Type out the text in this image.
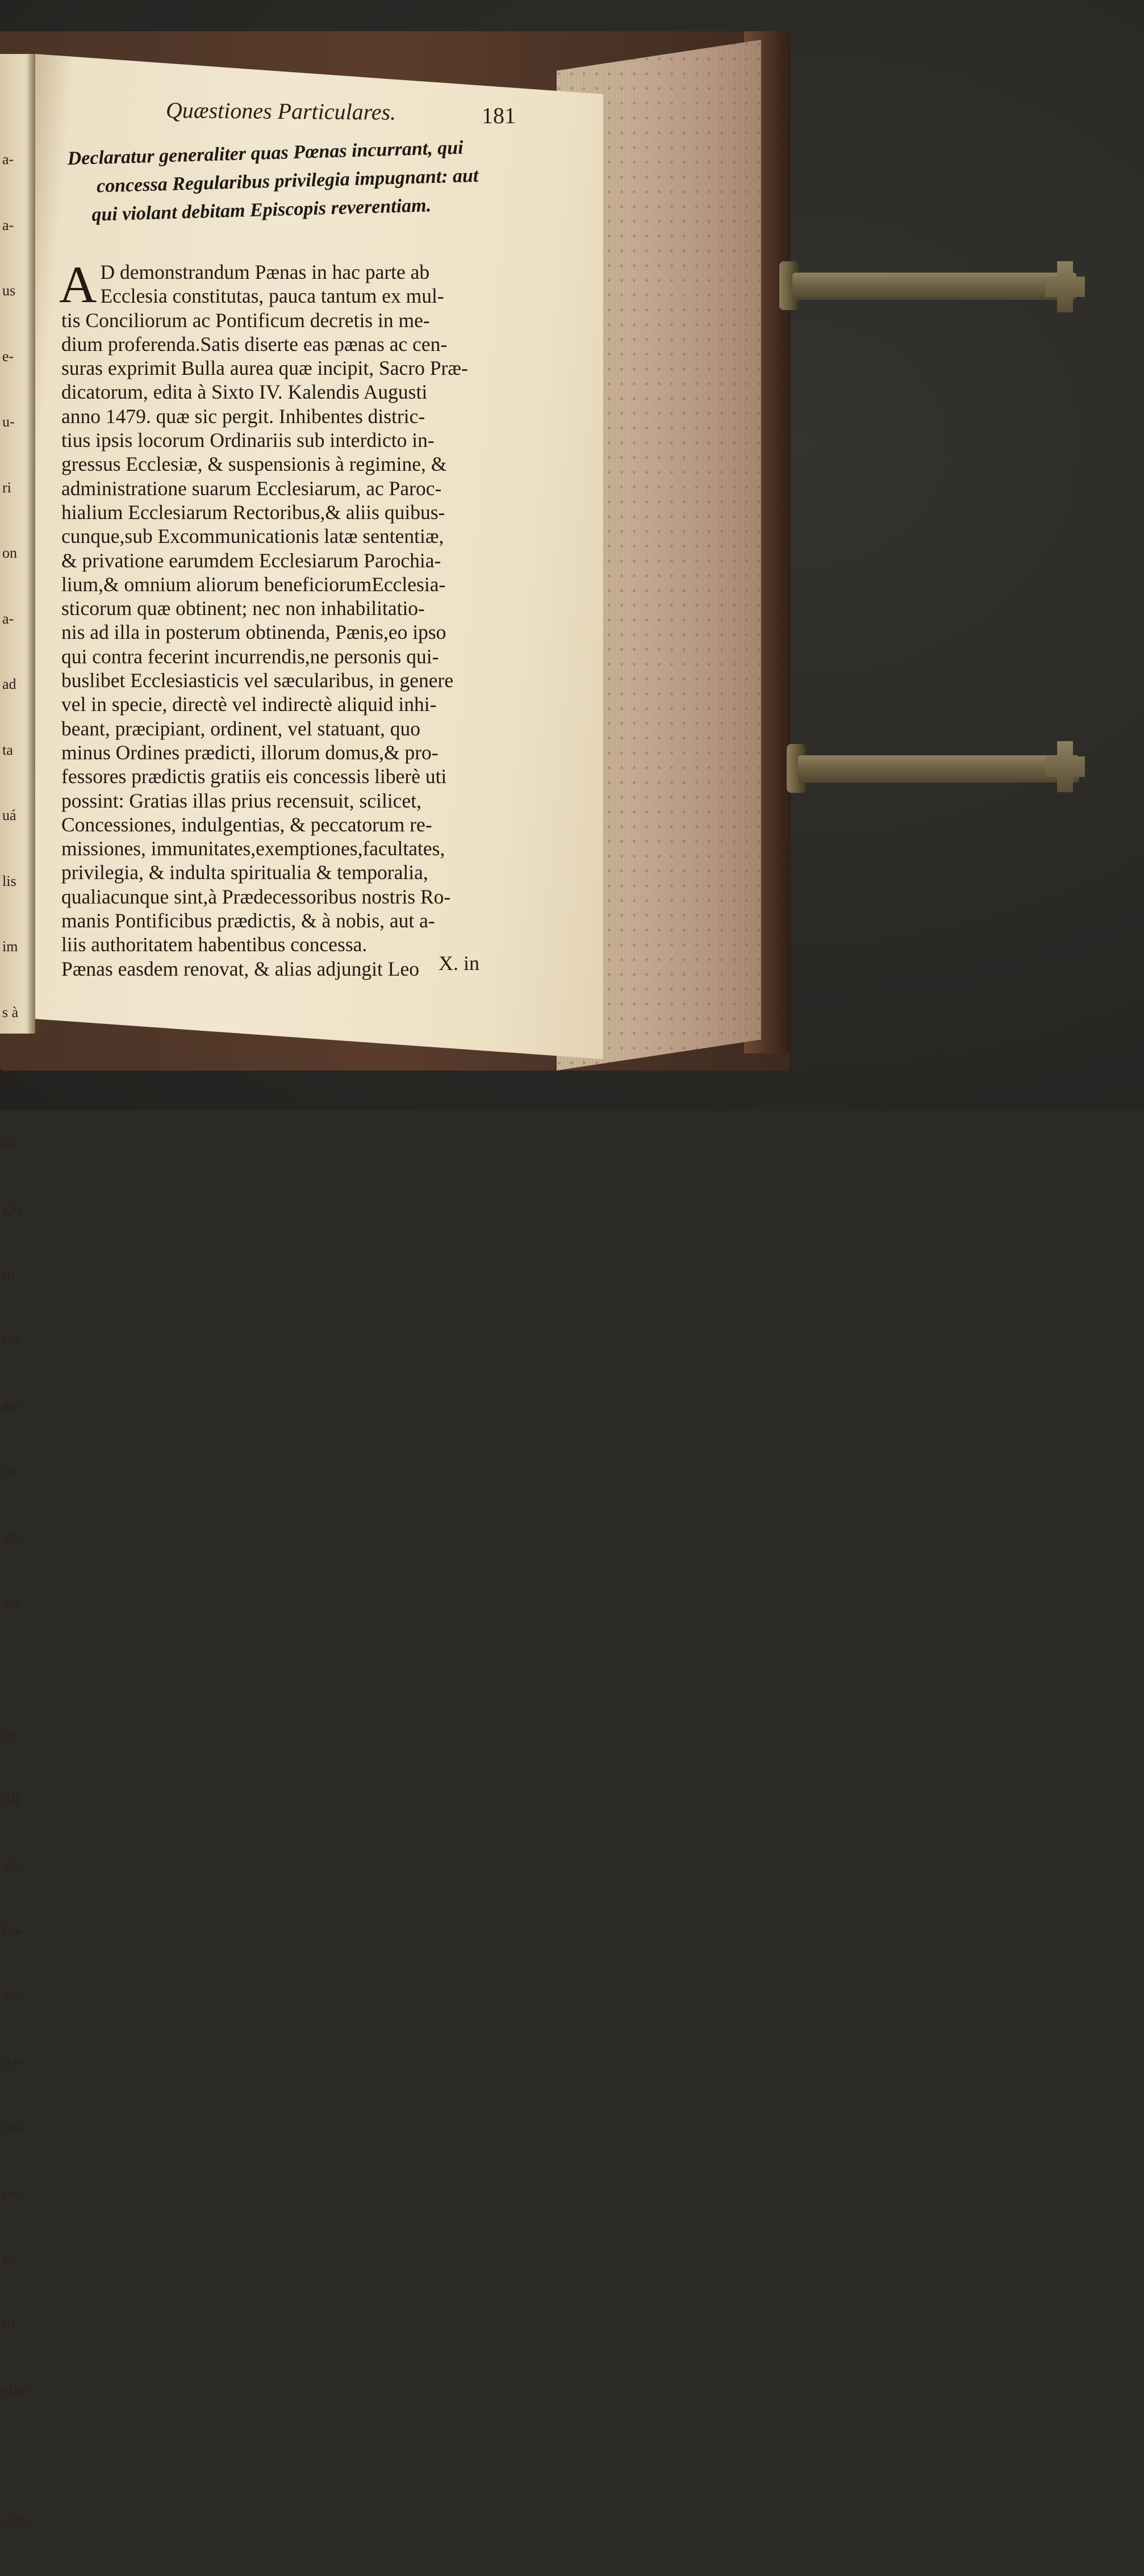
a-

a-

us

e-

u-

ri

on

a-

ad

ta

uá

lis

im

s à

io-

io-

gio

rú

em

am

co-

vit,

ate

or-

illi

an-

lio-

no-

o e-

cra-

res,

na-

ro-

ellæ

ecla-

Quæstiones Particulares.	181
Declaratur generaliter quas Pœnas incurrant, qui
concessa Regularibus privilegia impugnant: aut
qui violant debitam Episcopis reverentiam.
A D demonstrandum Pænas in hac parte ab
Ecclesia constitutas, pauca tantum ex mul-
tis Conciliorum ac Pontificum decretis in me-
dium proferenda.Satis diserte eas pænas ac cen-
suras exprimit Bulla aurea quæ incipit, Sacro Præ-
dicatorum, edita à Sixto IV. Kalendis Augusti
anno 1479. quæ sic pergit. Inhibentes distric-
tius ipsis locorum Ordinariis sub interdicto in-
gressus Ecclesiæ, & suspensionis à regimine, &
administratione suarum Ecclesiarum, ac Paroc-
hialium Ecclesiarum Rectoribus,& aliis quibus-
cunque,sub Excommunicationis latæ sententiæ,
& privatione earumdem Ecclesiarum Parochia-
lium,& omnium aliorum beneficiorumEcclesia-
sticorum quæ obtinent; nec non inhabilitatio-
nis ad illa in posterum obtinenda, Pænis,eo ipso
qui contra fecerint incurrendis,ne personis qui-
buslibet Ecclesiasticis vel sæcularibus, in genere
vel in specie, directè vel indirectè aliquid inhi-
beant, præcipiant, ordinent, vel statuant, quo
minus Ordines prædicti, illorum domus,& pro-
fessores prædictis gratiis eis concessis liberè uti
possint: Gratias illas prius recensuit, scilicet,
Concessiones, indulgentias, & peccatorum re-
missiones, immunitates,exemptiones,facultates,
privilegia, & indulta spiritualia & temporalia,
qualiacunque sint,à Prædecessoribus nostris Ro-
manis Pontificibus prædictis, & à nobis, aut a-
liis authoritatem habentibus concessa.
Pænas easdem renovat, & alias adjungit Leo X. in
